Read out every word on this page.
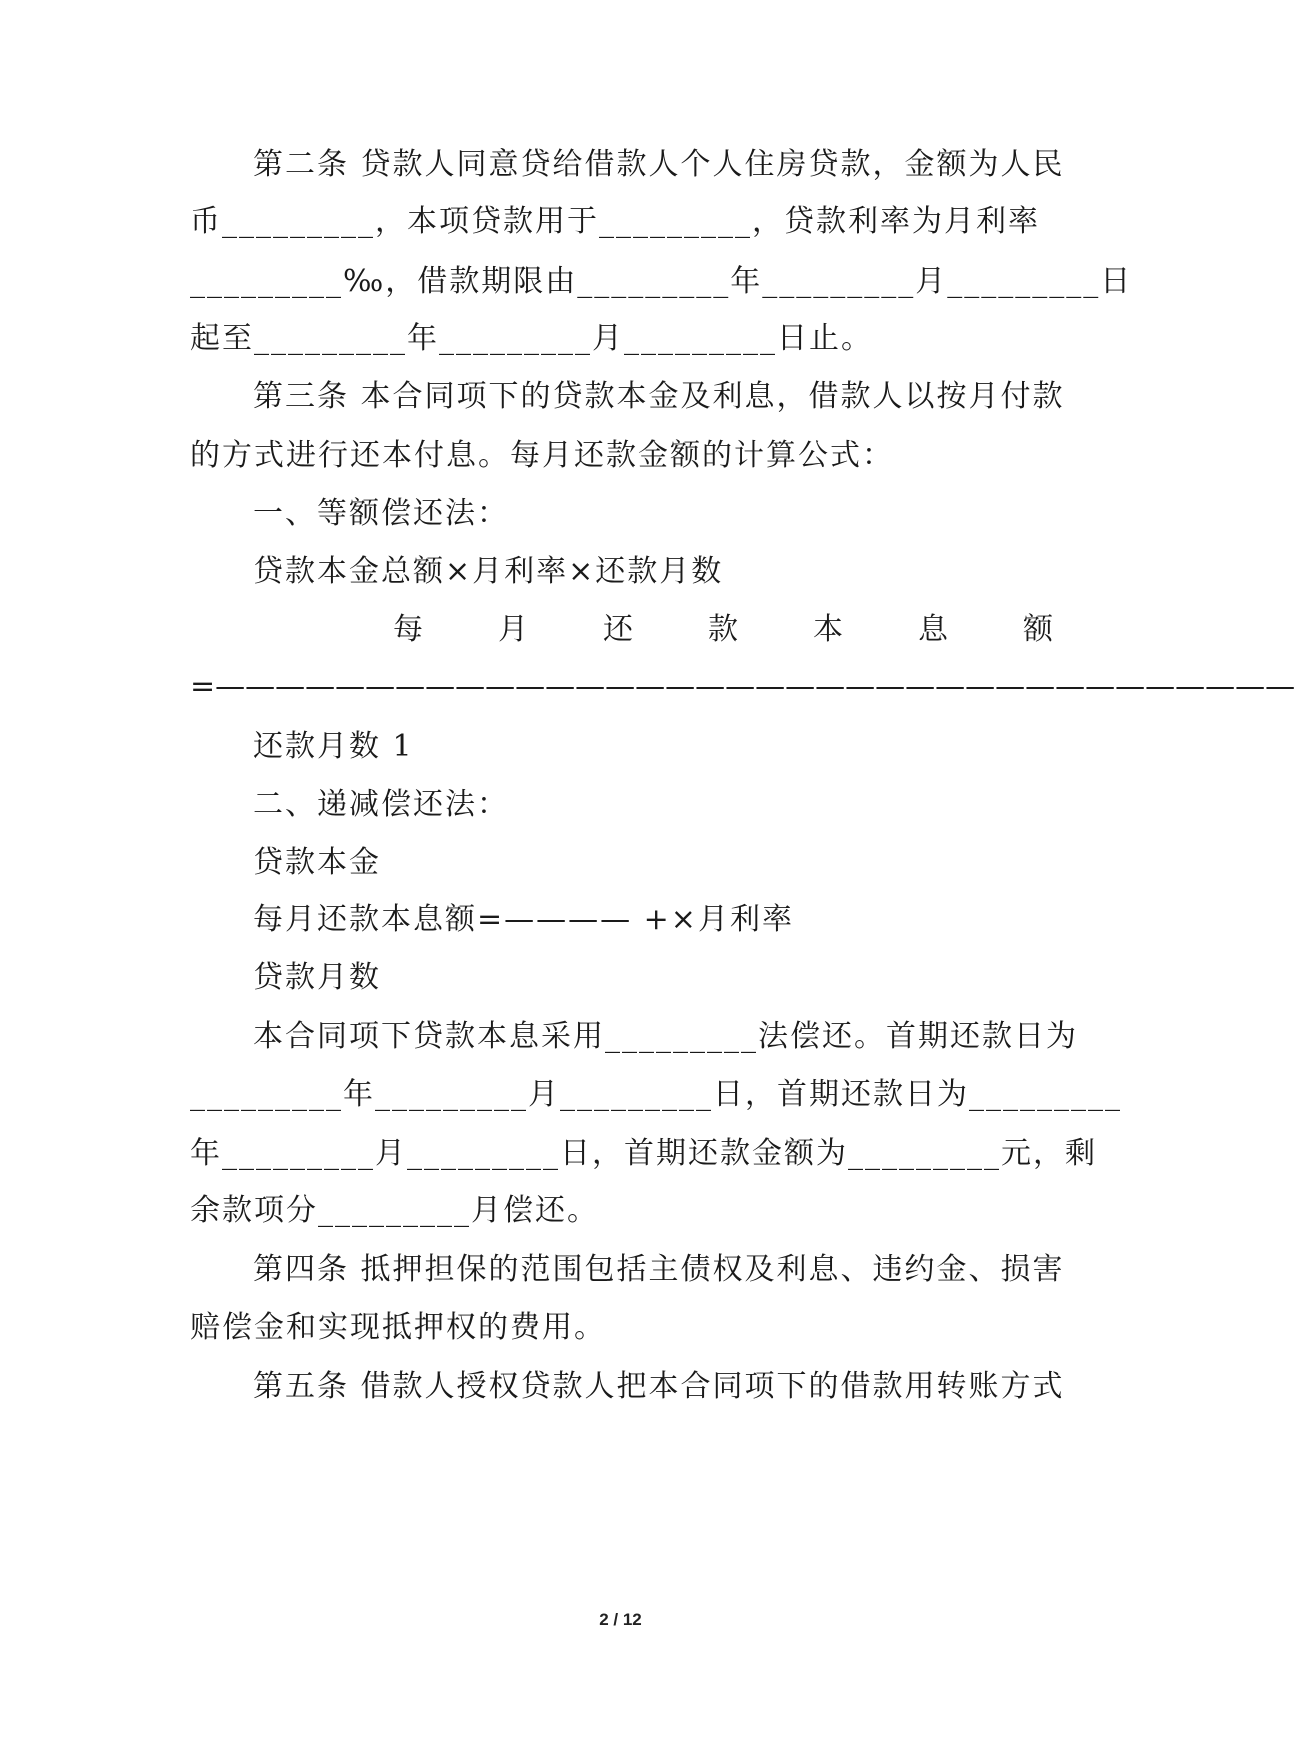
第二条 贷款人同意贷给借款人个人住房贷款，金额为人民
币_________，本项贷款用于_________，贷款利率为月利率
_________‰，借款期限由_________年_________月_________日
起至_________年_________月_________日止。
第三条 本合同项下的贷款本金及利息，借款人以按月付款
的方式进行还本付息。每月还款金额的计算公式：
一、等额偿还法：
贷款本金总额×月利率×还款月数
每 月 还 款 本 息 额
=————————————————————————————————————
还款月数 1
二、递减偿还法：
贷款本金
每月还款本息额=———— +×月利率
贷款月数
本合同项下贷款本息采用_________法偿还。首期还款日为
_________年_________月_________日，首期还款日为_________
年_________月_________日，首期还款金额为_________元，剩
余款项分_________月偿还。
第四条 抵押担保的范围包括主债权及利息、违约金、损害
赔偿金和实现抵押权的费用。
第五条 借款人授权贷款人把本合同项下的借款用转账方式
2 / 12
